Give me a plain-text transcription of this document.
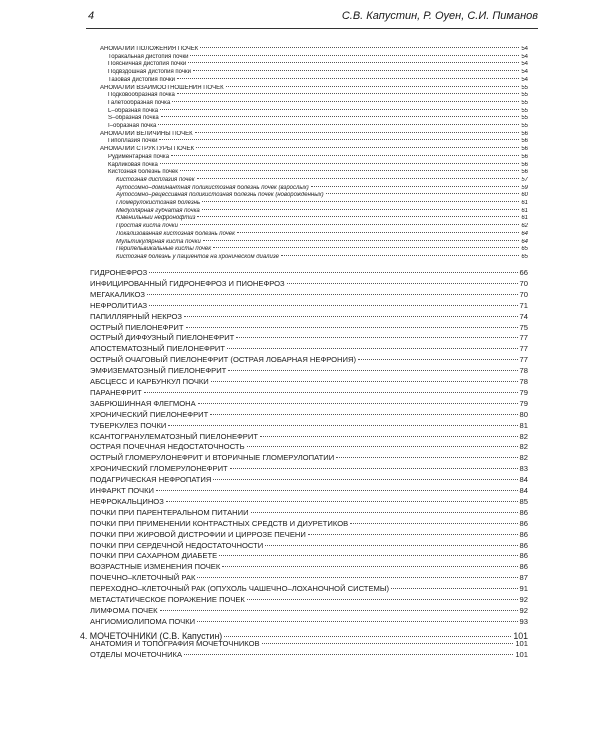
4	С.В. Капустин, Р. Оуен, С.И. Пиманов
АНОМАЛИИ ПОЛОЖЕНИЯ ПОЧЕК	54
Торакальная дистопия почки	54
Поясничная дистопия почки	54
Подвздошная дистопия почки	54
Тазовая дистопия почки	54
АНОМАЛИИ ВЗАИМООТНОШЕНИЯ ПОЧЕК	55
Подковообразная почка	55
Галетообразная почка	55
L–образная почка	55
S–образная почка	55
I–образная почка	55
АНОМАЛИИ ВЕЛИЧИНЫ ПОЧЕК	56
Гипоплазия почки	56
АНОМАЛИИ СТРУКТУРЫ ПОЧЕК	56
Рудиментарная почка	56
Карликовая почка	56
Кистозная болезнь почек	56
Кистозная дисплазия почек	57
Аутосомно–доминантная поликистозная болезнь почек (взрослых)	59
Аутосомно–рецессивная поликистозная болезнь почек (новорожденных)	60
Гломерулокистозная болезнь	61
Медуллярная губчатая почка	61
Ювенильный нефронофтиз	61
Простая киста почки	62
Локализованная кистозная болезнь почек	64
Мультикулярная киста почки	64
Перипельвикальные кисты почек	65
Кистозная болезнь у пациентов на хроническом диализе	65
ГИДРОНЕФРОЗ	66
ИНФИЦИРОВАННЫЙ ГИДРОНЕФРОЗ И ПИОНЕФРОЗ	70
МЕГАКАЛИКОЗ	70
НЕФРОЛИТИАЗ	71
ПАПИЛЛЯРНЫЙ НЕКРОЗ	74
ОСТРЫЙ ПИЕЛОНЕФРИТ	75
ОСТРЫЙ ДИФФУЗНЫЙ ПИЕЛОНЕФРИТ	77
АПОСТЕМАТОЗНЫЙ ПИЕЛОНЕФРИТ	77
ОСТРЫЙ ОЧАГОВЫЙ ПИЕЛОНЕФРИТ (ОСТРАЯ ЛОБАРНАЯ НЕФРОНИЯ)	77
ЭМФИЗЕМАТОЗНЫЙ ПИЕЛОНЕФРИТ	78
АБСЦЕСС И КАРБУНКУЛ ПОЧКИ	78
ПАРАНЕФРИТ	79
ЗАБРЮШИННАЯ ФЛЕГМОНА	79
ХРОНИЧЕСКИЙ ПИЕЛОНЕФРИТ	80
ТУБЕРКУЛЕЗ ПОЧКИ	81
КСАНТОГРАНУЛЕМАТОЗНЫЙ ПИЕЛОНЕФРИТ	82
ОСТРАЯ ПОЧЕЧНАЯ НЕДОСТАТОЧНОСТЬ	82
ОСТРЫЙ ГЛОМЕРУЛОНЕФРИТ И ВТОРИЧНЫЕ ГЛОМЕРУЛОПАТИИ	82
ХРОНИЧЕСКИЙ ГЛОМЕРУЛОНЕФРИТ	83
ПОДАГРИЧЕСКАЯ НЕФРОПАТИЯ	84
ИНФАРКТ ПОЧКИ	84
НЕФРОКАЛЬЦИНОЗ	85
ПОЧКИ ПРИ ПАРЕНТЕРАЛЬНОМ ПИТАНИИ	86
ПОЧКИ ПРИ ПРИМЕНЕНИИ КОНТРАСТНЫХ СРЕДСТВ И ДИУРЕТИКОВ	86
ПОЧКИ ПРИ ЖИРОВОЙ ДИСТРОФИИ И ЦИРРОЗЕ ПЕЧЕНИ	86
ПОЧКИ ПРИ СЕРДЕЧНОЙ НЕДОСТАТОЧНОСТИ	86
ПОЧКИ ПРИ САХАРНОМ ДИАБЕТЕ	86
ВОЗРАСТНЫЕ ИЗМЕНЕНИЯ ПОЧЕК	86
ПОЧЕЧНО–КЛЕТОЧНЫЙ РАК	87
ПЕРЕХОДНО–КЛЕТОЧНЫЙ РАК (ОПУХОЛЬ ЧАШЕЧНО–ЛОХАНОЧНОЙ СИСТЕМЫ)	91
МЕТАСТАТИЧЕСКОЕ ПОРАЖЕНИЕ ПОЧЕК	92
ЛИМФОМА ПОЧЕК	92
АНГИОМИОЛИПОМА ПОЧКИ	93
4. МОЧЕТОЧНИКИ (С.В. Капустин)	101
АНАТОМИЯ И ТОПОГРАФИЯ МОЧЕТОЧНИКОВ	101
ОТДЕЛЫ МОЧЕТОЧНИКА	101
